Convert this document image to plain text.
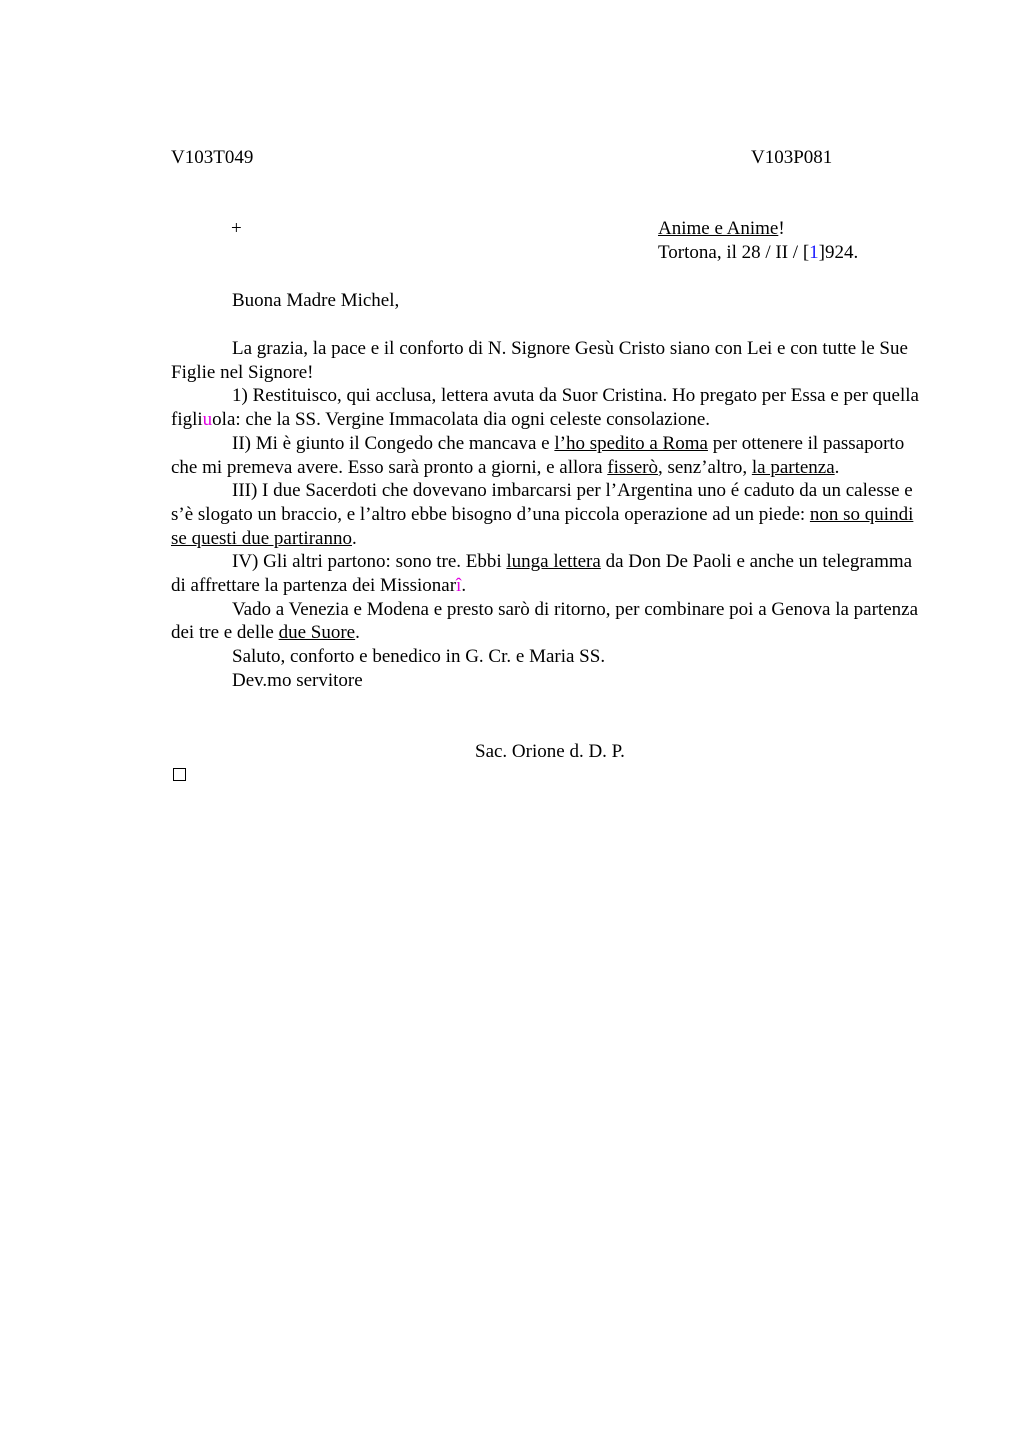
V103T049	V103P081
+	Anime e Anime!
Tortona, il 28 / II / [1]924.
Buona Madre Michel,

La grazia, la pace e il conforto di N. Signore Gesù Cristo siano con Lei e con tutte le Sue Figlie nel Signore!

1) Restituisco, qui acclusa, lettera avuta da Suor Cristina. Ho pregato per Essa e per quella figliuola: che la SS. Vergine Immacolata dia ogni celeste consolazione.

II) Mi è giunto il Congedo che mancava e l’ho spedito a Roma per ottenere il passaporto che mi premeva avere. Esso sarà pronto a giorni, e allora fisserò, senz’altro, la partenza.

III) I due Sacerdoti che dovevano imbarcarsi per l’Argentina uno é caduto da un calesse e s’è slogato un braccio, e l’altro ebbe bisogno d’una piccola operazione ad un piede: non so quindi se questi due partiranno.

IV) Gli altri partono: sono tre. Ebbi lunga lettera da Don De Paoli e anche un telegramma di affrettare la partenza dei Missionarî.

Vado a Venezia e Modena e presto sarò di ritorno, per combinare poi a Genova la partenza dei tre e delle due Suore.

Saluto, conforto e benedico in G. Cr. e Maria SS.

Dev.mo servitore

Sac. Orione d. D. P.
